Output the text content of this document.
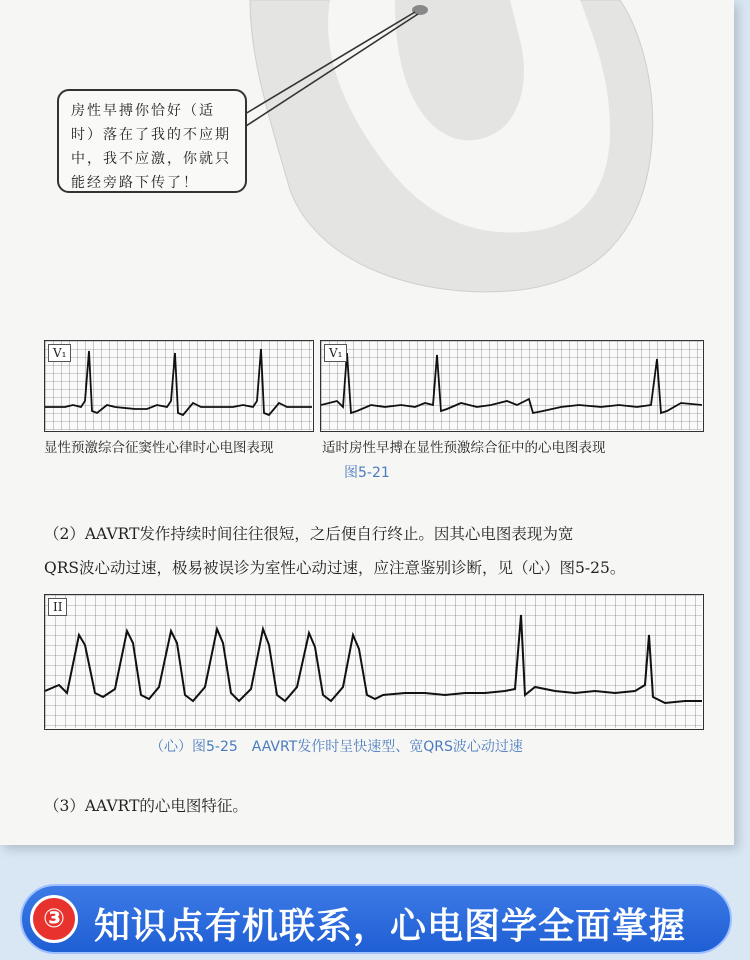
房性早搏你恰好（适时）落在了我的不应期中，我不应激，你就只能经旁路下传了！
V₁
显性预激综合征窦性心律时心电图表现
V₁
适时房性早搏在显性预激综合征中的心电图表现
图5-21
（2）AAVRT发作持续时间往往很短，之后便自行终止。因其心电图表现为宽
QRS波心动过速，极易被误诊为室性心动过速，应注意鉴别诊断，见（心）图5-25。
II
（心）图5-25　AAVRT发作时呈快速型、宽QRS波心动过速
（3）AAVRT的心电图特征。
③ 知识点有机联系，心电图学全面掌握
